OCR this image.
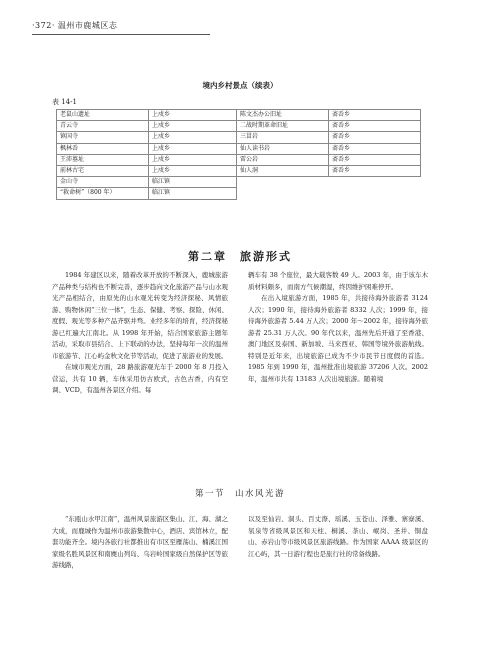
·372· 温州市鹿城区志
境内乡村景点（续表）
表 14-1
老鼠山遗址	上戍乡	陈文杰办公旧址	斋岙乡
青云寺	上戍乡	二战时期革命旧址	斋岙乡
镇国寺	上戍乡	三冒岩	斋岙乡
枫林岙	上戍乡	仙人读书岩	斋岙乡
王沛墓址	上戍乡	雷公岩	斋岙乡
前林古宅	上戍乡	仙人洞	斋岙乡
金山寺	临江镇		
“救命树”（800 年）	临江镇		
第二章　旅游形式

1984 年建区以来，随着改革开放的不断深入，鹿城旅游产品种类与结构也不断完善，逐步趋向文化旅游产品与山水观光产品相结合，由原先的山水观光转变为经济探秘、风情旅游、购物休闲“三位一体”，生态、保健、考察、探险、休闲、度假、观光等多种产品齐驱并骛。业经多年的培育，经济探秘游已红遍大江南北。从 1998 年开始，结合国家旅游主题年活动，采取市县结合、上下联动的办法，坚持每年一次的温州市旅游节、江心屿金秋文化节等活动，促进了旅游业的发展。

在城市观光方面，28 路旅游观光车于 2000 年 8 月投入营运，共有 10 辆，车体采用仿古欧式，古色古香，内有空调、VCD，有温州各景区介绍。每

辆车有 38 个座位，最大载客数 49 人。2003 年，由于该车木质材料颇多，而南方气候潮湿，终因维护困难停开。

在出入境旅游方面，1985 年，共接待海外旅游者 3124 人次；1990 年，接待海外旅游者 8332 人次；1999 年，接待海外旅游者 5.44 万人次；2000 年～2002 年，接待海外旅游者 25.31 万人次。90 年代以来，温州先后开通了至香港、澳门地区及泰国、新加坡、马来西亚、韩国等境外旅游航线。特别是近年来，出境旅游已成为不少市民节日度假的首选。1985 年到 1990 年，温州批准出境旅游 37206 人次。2002 年，温州市共有 13183 人次出境旅游。随着境

第一节　山水风光游

“东瓯山水甲江南”，温州风景旅游区集山、江、海、湖之大成，而鹿城作为温州市旅游集散中心，酒店、宾馆林立，配套功能齐全。境内各旅行社都推出有市区至雁荡山、楠溪江国家级名胜风景区和南麂山列岛、乌岩岭国家级自然保护区等旅游线路，

以及至仙岩、洞头、百丈漈、瑶溪、玉苍山、泽雅、寨寮溪、氡泉等省级风景区和天柱、桐溪、茶山、岷岗、圣井、铜盘山、赤岩山等市级风景区旅游线路。作为国家 AAAA 级景区的江心屿，其一日游行程也是旅行社的常备线路。
